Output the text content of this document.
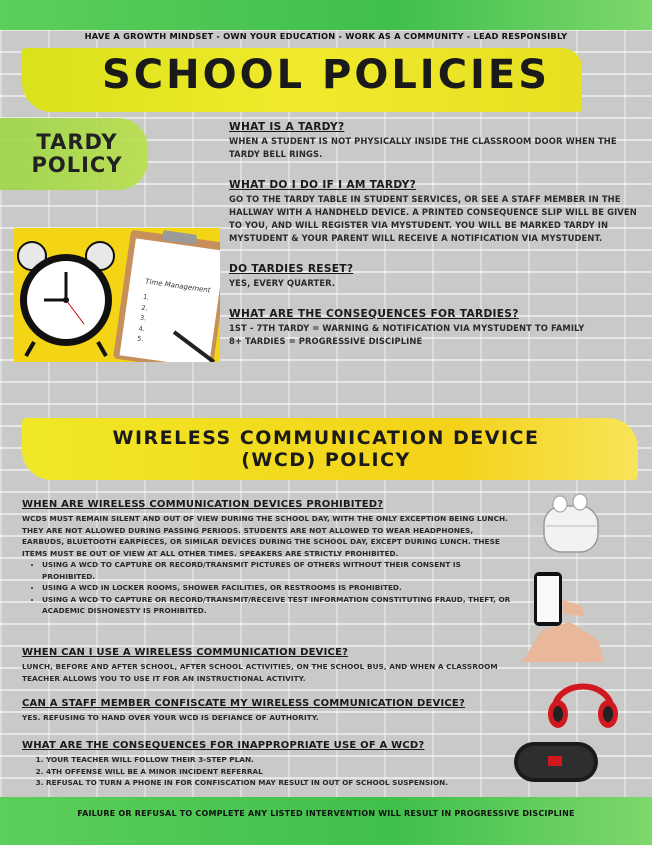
HAVE A GROWTH MINDSET - OWN YOUR EDUCATION - WORK AS A COMMUNITY - LEAD RESPONSIBLY
SCHOOL POLICIES
TARDY
POLICY
Time Management
1.
2.
3.
4.
5.
WHAT IS A TARDY?
WHEN A STUDENT IS NOT PHYSICALLY INSIDE THE CLASSROOM DOOR WHEN THE TARDY BELL RINGS.
WHAT DO I DO IF I AM TARDY?
GO TO THE TARDY TABLE IN STUDENT SERVICES, OR SEE A STAFF MEMBER IN THE HALLWAY WITH A HANDHELD DEVICE. A PRINTED CONSEQUENCE SLIP WILL BE GIVEN TO YOU, AND WILL REGISTER VIA MYSTUDENT. YOU WILL BE MARKED TARDY IN MYSTUDENT & YOUR PARENT WILL RECEIVE A NOTIFICATION VIA MYSTUDENT.
DO TARDIES RESET?
YES, EVERY QUARTER.
WHAT ARE THE CONSEQUENCES FOR TARDIES?
1ST - 7TH TARDY = WARNING & NOTIFICATION VIA MYSTUDENT TO FAMILY
8+ TARDIES = PROGRESSIVE DISCIPLINE
WIRELESS COMMUNICATION DEVICE
(WCD) POLICY
WHEN ARE WIRELESS COMMUNICATION DEVICES PROHIBITED?
WCDS MUST REMAIN SILENT AND OUT OF VIEW DURING THE SCHOOL DAY, WITH THE ONLY EXCEPTION BEING LUNCH. THEY ARE NOT ALLOWED DURING PASSING PERIODS. STUDENTS ARE NOT ALLOWED TO WEAR HEADPHONES, EARBUDS, BLUETOOTH EARPIECES, OR SIMILAR DEVICES DURING THE SCHOOL DAY, EXCEPT DURING LUNCH. THESE ITEMS MUST BE OUT OF VIEW AT ALL OTHER TIMES. SPEAKERS ARE STRICTLY PROHIBITED.
• USING A WCD TO CAPTURE OR RECORD/TRANSMIT PICTURES OF OTHERS WITHOUT THEIR CONSENT IS PROHIBITED.
• USING A WCD IN LOCKER ROOMS, SHOWER FACILITIES, OR RESTROOMS IS PROHIBITED.
• USING A WCD TO CAPTURE OR RECORD/TRANSMIT/RECEIVE TEST INFORMATION CONSTITUTING FRAUD, THEFT, OR ACADEMIC DISHONESTY IS PROHIBITED.
WHEN CAN I USE A WIRELESS COMMUNICATION DEVICE?
LUNCH, BEFORE AND AFTER SCHOOL, AFTER SCHOOL ACTIVITIES, ON THE SCHOOL BUS, AND WHEN A CLASSROOM TEACHER ALLOWS YOU TO USE IT FOR AN INSTRUCTIONAL ACTIVITY.
CAN A STAFF MEMBER CONFISCATE MY WIRELESS COMMUNICATION DEVICE?
YES. REFUSING TO HAND OVER YOUR WCD IS DEFIANCE OF AUTHORITY.
WHAT ARE THE CONSEQUENCES FOR INAPPROPRIATE USE OF A WCD?
1. YOUR TEACHER WILL FOLLOW THEIR 3-STEP PLAN.
2. 4TH OFFENSE WILL BE A MINOR INCIDENT REFERRAL
3. REFUSAL TO TURN A PHONE IN FOR CONFISCATION MAY RESULT IN OUT OF SCHOOL SUSPENSION.
FAILURE OR REFUSAL TO COMPLETE ANY LISTED INTERVENTION WILL RESULT IN PROGRESSIVE DISCIPLINE
